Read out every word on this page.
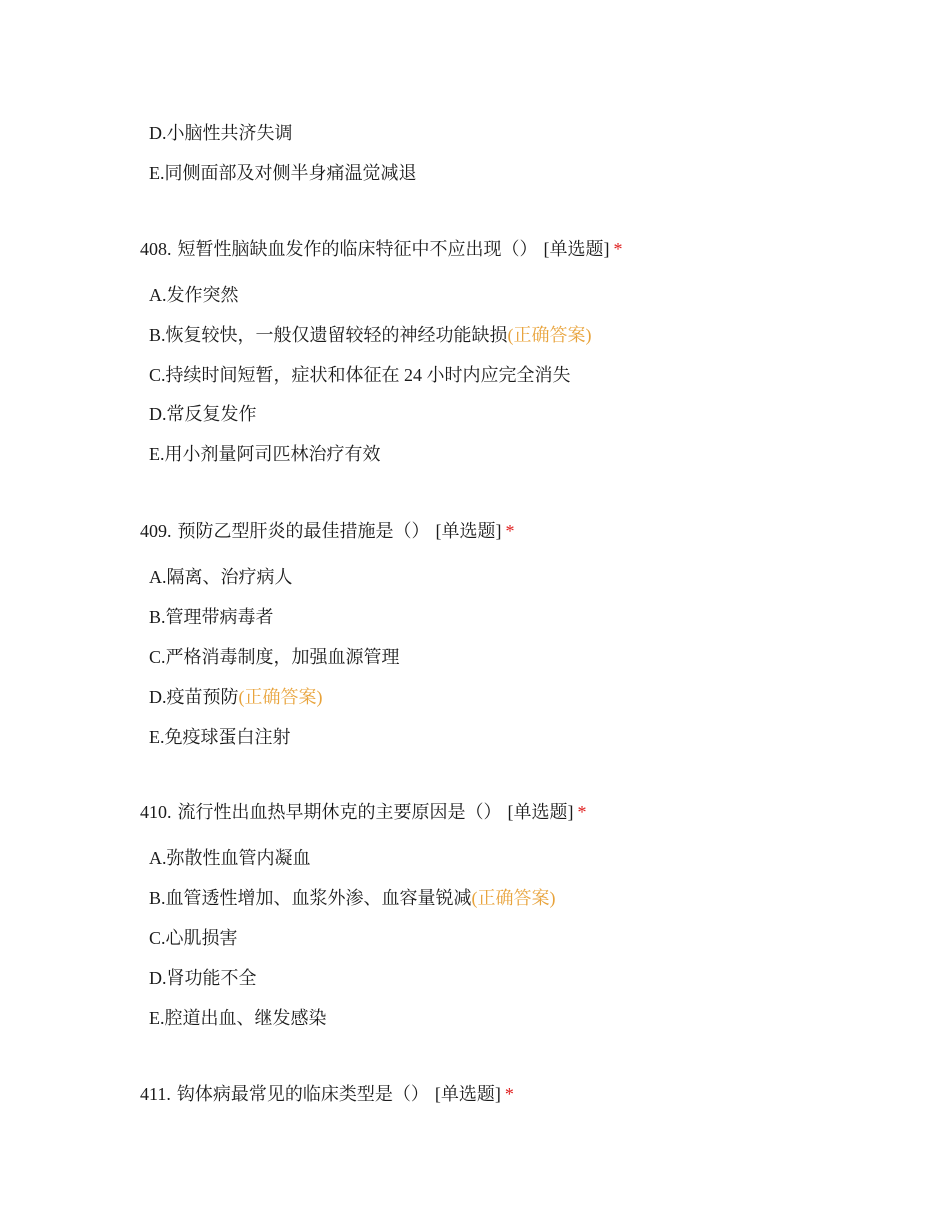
D.小脑性共济失调
E.同侧面部及对侧半身痛温觉减退
408. 短暂性脑缺血发作的临床特征中不应出现（） [单选题] *
A.发作突然
B.恢复较快，一般仅遗留较轻的神经功能缺损(正确答案)
C.持续时间短暂，症状和体征在 24 小时内应完全消失
D.常反复发作
E.用小剂量阿司匹林治疗有效
409. 预防乙型肝炎的最佳措施是（） [单选题] *
A.隔离、治疗病人
B.管理带病毒者
C.严格消毒制度，加强血源管理
D.疫苗预防(正确答案)
E.免疫球蛋白注射
410. 流行性出血热早期休克的主要原因是（） [单选题] *
A.弥散性血管内凝血
B.血管透性增加、血浆外渗、血容量锐减(正确答案)
C.心肌损害
D.肾功能不全
E.腔道出血、继发感染
411. 钩体病最常见的临床类型是（） [单选题] *
